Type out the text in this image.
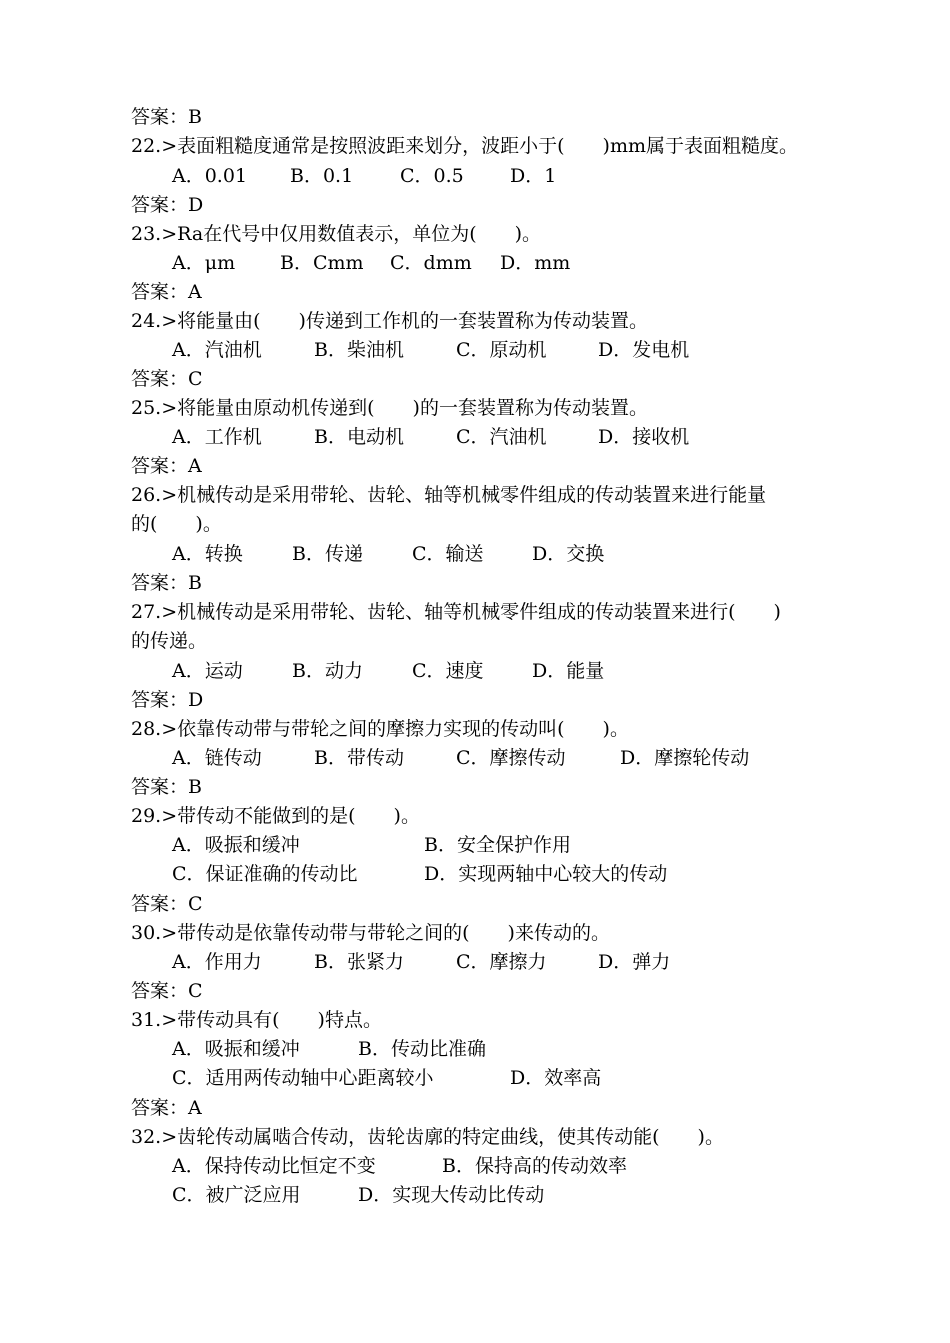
答案：B
22.>表面粗糙度通常是按照波距来划分，波距小于(　　)mm属于表面粗糙度。
A．0.01 B．0.1 C．0.5 D．1
答案：D
23.>Ra在代号中仅用数值表示，单位为(　　)。
A．μm B．Cmm C．dmm D．mm
答案：A
24.>将能量由(　　)传递到工作机的一套装置称为传动装置。
A．汽油机	B．柴油机	C．原动机	D．发电机
答案：C
25.>将能量由原动机传递到(　　)的一套装置称为传动装置。
A．工作机	B．电动机	C．汽油机	D．接收机
答案：A
26.>机械传动是采用带轮、齿轮、轴等机械零件组成的传动装置来进行能量
的(　　)。
A．转换	B．传递	C．输送	D．交换
答案：B
27.>机械传动是采用带轮、齿轮、轴等机械零件组成的传动装置来进行(　　)
的传递。
A．运动	B．动力	C．速度	D．能量
答案：D
28.>依靠传动带与带轮之间的摩擦力实现的传动叫(　　)。
A．链传动	B．带传动	C．摩擦传动	D．摩擦轮传动
答案：B
29.>带传动不能做到的是(　　)。
A．吸振和缓冲	B．安全保护作用
C．保证准确的传动比	D．实现两轴中心较大的传动
答案：C
30.>带传动是依靠传动带与带轮之间的(　　)来传动的。
A．作用力	B．张紧力	C．摩擦力	D．弹力
答案：C
31.>带传动具有(　　)特点。
A．吸振和缓冲	B．传动比准确
C．适用两传动轴中心距离较小	D．效率高
答案：A
32.>齿轮传动属啮合传动，齿轮齿廓的特定曲线，使其传动能(　　)。
A．保持传动比恒定不变	B．保持高的传动效率
C．被广泛应用	D．实现大传动比传动
